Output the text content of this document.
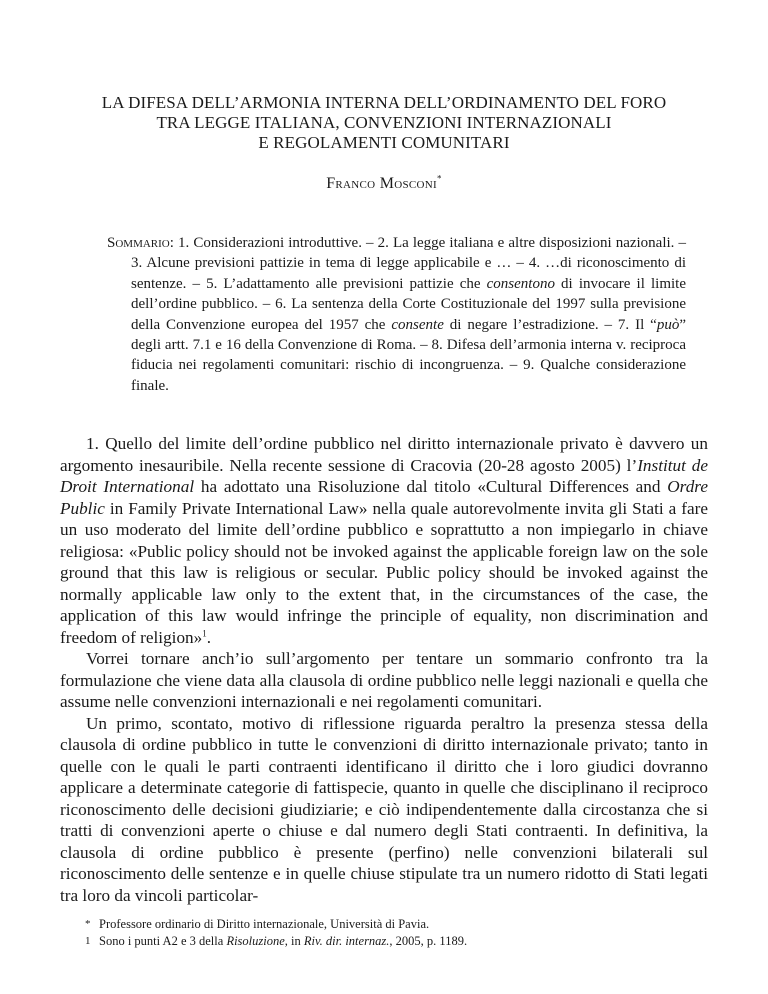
LA DIFESA DELL’ARMONIA INTERNA DELL’ORDINAMENTO DEL FORO
TRA LEGGE ITALIANA, CONVENZIONI INTERNAZIONALI
E REGOLAMENTI COMUNITARI
Franco Mosconi*
Sommario: 1. Considerazioni introduttive. – 2. La legge italiana e altre disposizioni nazionali. – 3. Alcune previsioni pattizie in tema di legge applicabile e … – 4. …di riconoscimento di sentenze. – 5. L’adattamento alle previsioni pattizie che consentono di invocare il limite dell’ordine pubblico. – 6. La sentenza della Corte Costituzionale del 1997 sulla previsione della Convenzione europea del 1957 che consente di negare l’estradizione. – 7. Il “può” degli artt. 7.1 e 16 della Convenzione di Roma. – 8. Difesa dell’armonia interna v. reciproca fiducia nei regolamenti comunitari: rischio di incongruenza. – 9. Qualche considerazione finale.

1. Quello del limite dell’ordine pubblico nel diritto internazionale privato è davvero un argomento inesauribile. Nella recente sessione di Cracovia (20-28 agosto 2005) l’Institut de Droit International ha adottato una Risoluzione dal titolo «Cultural Differences and Ordre Public in Family Private International Law» nella quale autorevolmente invita gli Stati a fare un uso moderato del limite dell’ordine pubblico e soprattutto a non impiegarlo in chiave religiosa: «Public policy should not be invoked against the applicable foreign law on the sole ground that this law is religious or secular. Public policy should be invoked against the normally applicable law only to the extent that, in the circumstances of the case, the application of this law would infringe the principle of equality, non discrimination and freedom of religion»$^1$.

Vorrei tornare anch’io sull’argomento per tentare un sommario confronto tra la formulazione che viene data alla clausola di ordine pubblico nelle leggi nazionali e quella che assume nelle convenzioni internazionali e nei regolamenti comunitari.

Un primo, scontato, motivo di riflessione riguarda peraltro la presenza stessa della clausola di ordine pubblico in tutte le convenzioni di diritto internazionale privato; tanto in quelle con le quali le parti contraenti identificano il diritto che i loro giudici dovranno applicare a determinate categorie di fattispecie, quanto in quelle che disciplinano il reciproco riconoscimento delle decisioni giudiziarie; e ciò indipendentemente dalla circostanza che si tratti di convenzioni aperte o chiuse e dal numero degli Stati contraenti. In definitiva, la clausola di ordine pubblico è presente (perfino) nelle convenzioni bilaterali sul riconoscimento delle sentenze e in quelle chiuse stipulate tra un numero ridotto di Stati legati tra loro da vincoli particolar-

* Professore ordinario di Diritto internazionale, Università di Pavia.
1 Sono i punti A2 e 3 della Risoluzione, in Riv. dir. internaz., 2005, p. 1189.
